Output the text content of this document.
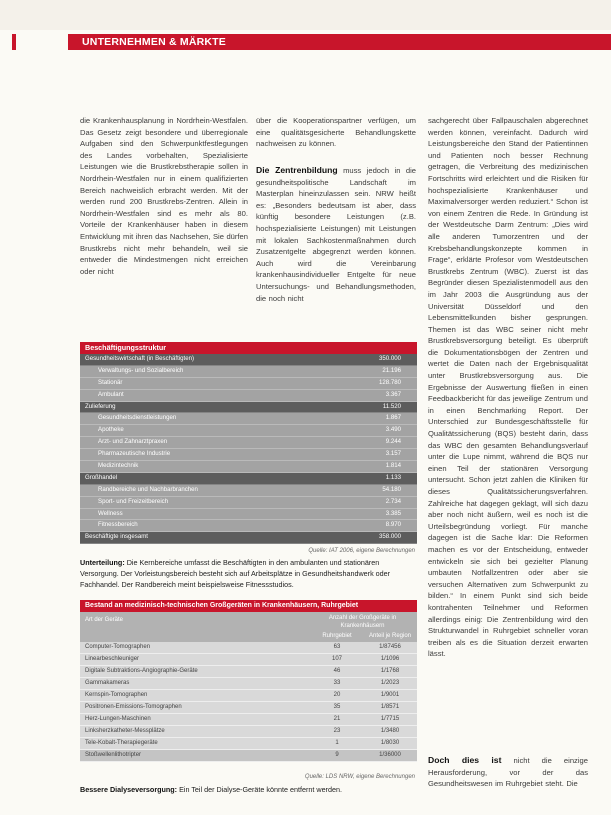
UNTERNEHMEN & MÄRKTE

die Krankenhausplanung in Nordrhein-Westfalen. Das Gesetz zeigt besondere und überregionale Aufgaben sind den Schwerpunktfestlegungen des Landes vorbehalten, Spezialisierte Leistungen wie die Brustkrebstherapie sollen in Nordrhein-Westfalen nur in einem qualifizierten Bereich nachweislich erbracht werden. Mit der werden rund 200 Brustkrebs-Zentren. Allein in Nordrhein-Westfalen sind es mehr als 80. Vorteile der Krankenhäuser haben in diesem Entwicklung mit ihren das Nachsehen, Sie dürfen Brustkrebs nicht mehr behandeln, weil sie entweder die Mindestmengen nicht erreichen oder nicht

über die Kooperationspartner verfügen, um eine qualitätsgesicherte Behandlungskette nachweisen zu können.

Die Zentrenbildung muss jedoch in die gesundheitspolitische Landschaft im Masterplan hineinzulassen sein. NRW heißt es: „Besonders bedeutsam ist aber, dass künftig besondere Leistungen (z.B. hochspezialisierte Leistungen) mit Leistungen mit lokalen Sachkostenmaßnahmen durch Zusatzentgelte abgegrenzt werden können. Auch wird die Vereinbarung krankenhausindividueller Entgelte für neue Untersuchungs- und Behandlungsmethoden, die noch nicht

sachgerecht über Fallpauschalen abgerechnet werden können, vereinfacht. Dadurch wird Leistungsbereiche den Stand der Patientinnen und Patienten noch besser Rechnung getragen, die Verbreitung des medizinischen Fortschritts wird erleichtert und die Risiken für hochspezialisierte Krankenhäuser und Maximalversorger werden reduziert.“ Schon ist von einem Zentren die Rede. In Gründung ist der Westdeutsche Darm Zentrum: „Dies wird alle anderen Tumorzentren und der Krebsbehandlungskonzepte kommen in Frage“, erklärte Profesor vom Westdeutschen Brustkrebs Zentrum (WBC). Zuerst ist das Begründer diesen Spezialistenmodell aus den im Jahr 2003 die Ausgründung aus der Universität Düsseldorf und den Lebensmittelkunden bisher gesprungen. Themen ist das WBC seiner nicht mehr Brustkrebsversorgung beteiligt. Es überprüft die Dokumentationsbögen der Zentren und wertet die Daten nach der Ergebnisqualität unter Brustkrebsversorgung aus. Die Ergebnisse der Auswertung fließen in einen Feedbackbericht für das jeweilige Zentrum und in einen Benchmarking Report. Der Unterschied zur Bundesgeschäftsstelle für Qualitätssicherung (BQS) besteht darin, dass das WBC den gesamten Behandlungsverlauf unter die Lupe nimmt, während die BQS nur einen Teil der stationären Versorgung untersucht. Schon jetzt zahlen die Kliniken für dieses Qualitätssicherungsverfahren. Zahlreiche hat dagegen geklagt, will sich dazu aber noch nicht äußern, weil es noch ist die Urteilsbegründung vorliegt. Für manche dagegen ist die Sache klar: Die Reformen machen es vor der Entscheidung, entweder entwickeln sie sich bei gezielter Planung umbauten Notfallzentren oder aber sie versuchen Alternativen zum Schwerpunkt zu bilden.“ In einem Punkt sind sich beide kontrahenten Teilnehmer und Reformen allerdings einig: Die Zentrenbildung wird den Strukturwandel in Ruhrgebiet schneller voran treiben als es die Situation derzeit erwarten lässt.

Doch dies ist nicht die einzige Herausforderung, vor der das Gesundheitswesen im Ruhrgebiet steht. Die

Beschäftigungsstruktur
Gesundheitswirtschaft (in Beschäftigten)	350.000
Verwaltungs- und Sozialbereich	21.196
Stationär	128.780
Ambulant	3.367
Zulieferung	11.520
Gesundheitsdienstleistungen	1.867
Apotheke	3.490
Arzt- und Zahnarztpraxen	9.244
Pharmazeutische Industrie	3.157
Medizintechnik	1.814
Großhandel	1.133
Randbereiche und Nachbarbranchen	54.180
Sport- und Freizeitbereich	2.734
Wellness	3.385
Fitnessbereich	8.970
Beschäftigte insgesamt	358.000
Quelle: IAT 2006, eigene Berechnungen

Unterteilung: Die Kernbereiche umfasst die Beschäftigten in den ambulanten und stationären Versorgung. Der Vorleistungsbereich besteht sich auf Arbeitsplätze in Gesundheitshandwerk oder Fachhandel. Der Randbereich meint beispielsweise Fitnessstudios.

Bestand an medizinisch-technischen Großgeräten in Krankenhäusern, Ruhrgebiet
Art der Geräte	Anzahl der Großgeräte in Krankenhäusern
Ruhrgebiet	Anteil je Region
Computer-Tomographen	63	1/87456
Linearbeschleuniger	107	1/1096
Digitale Subtraktions-Angiographie-Geräte	46	1/1768
Gammakameras	33	1/2023
Kernspin-Tomographen	20	1/9001
Positronen-Emissions-Tomographen	35	1/8571
Herz-Lungen-Maschinen	21	1/7715
Linksherzkatheter-Messplätze	23	1/3480
Tele-Kobalt-Therapiegeräte	1	1/8030
Stoßwellenlithotripter	9	1/36000
Quelle: LDS NRW, eigene Berechnungen

Bessere Dialyseversorgung: Ein Teil der Dialyse-Geräte könnte entfernt werden.
